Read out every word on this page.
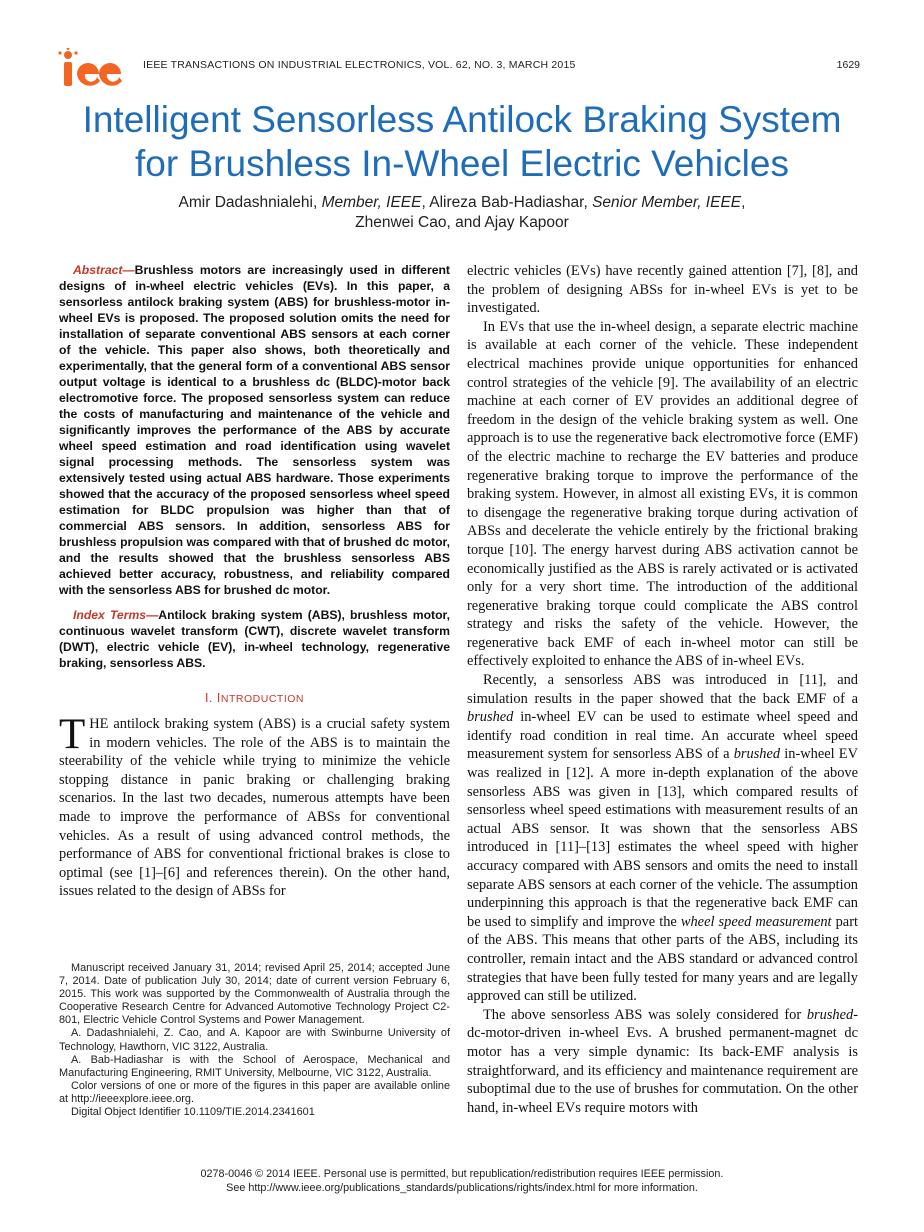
IEEE TRANSACTIONS ON INDUSTRIAL ELECTRONICS, VOL. 62, NO. 3, MARCH 2015	1629
Intelligent Sensorless Antilock Braking System
for Brushless In-Wheel Electric Vehicles
Amir Dadashnialehi, Member, IEEE, Alireza Bab-Hadiashar, Senior Member, IEEE,
Zhenwei Cao, and Ajay Kapoor

Abstract—Brushless motors are increasingly used in different designs of in-wheel electric vehicles (EVs). In this paper, a sensorless antilock braking system (ABS) for brushless-motor in-wheel EVs is proposed. The proposed solution omits the need for installation of separate conventional ABS sensors at each corner of the vehicle. This paper also shows, both theoretically and experimentally, that the general form of a conventional ABS sensor output voltage is identical to a brushless dc (BLDC)-motor back electromotive force. The proposed sensorless system can reduce the costs of manufacturing and maintenance of the vehicle and significantly improves the performance of the ABS by accurate wheel speed estimation and road identification using wavelet signal processing methods. The sensorless system was extensively tested using actual ABS hardware. Those experiments showed that the accuracy of the proposed sensorless wheel speed estimation for BLDC propulsion was higher than that of commercial ABS sensors. In addition, sensorless ABS for brushless propulsion was compared with that of brushed dc motor, and the results showed that the brushless sensorless ABS achieved better accuracy, robustness, and reliability compared with the sensorless ABS for brushed dc motor.

Index Terms—Antilock braking system (ABS), brushless motor, continuous wavelet transform (CWT), discrete wavelet transform (DWT), electric vehicle (EV), in-wheel technology, regenerative braking, sensorless ABS.

I. INTRODUCTION

THE antilock braking system (ABS) is a crucial safety system in modern vehicles. The role of the ABS is to maintain the steerability of the vehicle while trying to minimize the vehicle stopping distance in panic braking or challenging braking scenarios. In the last two decades, numerous attempts have been made to improve the performance of ABSs for conventional vehicles. As a result of using advanced control methods, the performance of ABS for conventional frictional brakes is close to optimal (see [1]–[6] and references therein). On the other hand, issues related to the design of ABSs for

Manuscript received January 31, 2014; revised April 25, 2014; accepted June 7, 2014. Date of publication July 30, 2014; date of current version February 6, 2015. This work was supported by the Commonwealth of Australia through the Cooperative Research Centre for Advanced Automotive Technology Project C2-801, Electric Vehicle Control Systems and Power Management.

A. Dadashnialehi, Z. Cao, and A. Kapoor are with Swinburne University of Technology, Hawthorn, VIC 3122, Australia.

A. Bab-Hadiashar is with the School of Aerospace, Mechanical and Manufacturing Engineering, RMIT University, Melbourne, VIC 3122, Australia.

Color versions of one or more of the figures in this paper are available online at http://ieeexplore.ieee.org.

Digital Object Identifier 10.1109/TIE.2014.2341601

electric vehicles (EVs) have recently gained attention [7], [8], and the problem of designing ABSs for in-wheel EVs is yet to be investigated.

In EVs that use the in-wheel design, a separate electric machine is available at each corner of the vehicle. These independent electrical machines provide unique opportunities for enhanced control strategies of the vehicle [9]. The availability of an electric machine at each corner of EV provides an additional degree of freedom in the design of the vehicle braking system as well. One approach is to use the regenerative back electromotive force (EMF) of the electric machine to recharge the EV batteries and produce regenerative braking torque to improve the performance of the braking system. However, in almost all existing EVs, it is common to disengage the regenerative braking torque during activation of ABSs and decelerate the vehicle entirely by the frictional braking torque [10]. The energy harvest during ABS activation cannot be economically justified as the ABS is rarely activated or is activated only for a very short time. The introduction of the additional regenerative braking torque could complicate the ABS control strategy and risks the safety of the vehicle. However, the regenerative back EMF of each in-wheel motor can still be effectively exploited to enhance the ABS of in-wheel EVs.

Recently, a sensorless ABS was introduced in [11], and simulation results in the paper showed that the back EMF of a brushed in-wheel EV can be used to estimate wheel speed and identify road condition in real time. An accurate wheel speed measurement system for sensorless ABS of a brushed in-wheel EV was realized in [12]. A more in-depth explanation of the above sensorless ABS was given in [13], which compared results of sensorless wheel speed estimations with measurement results of an actual ABS sensor. It was shown that the sensorless ABS introduced in [11]–[13] estimates the wheel speed with higher accuracy compared with ABS sensors and omits the need to install separate ABS sensors at each corner of the vehicle. The assumption underpinning this approach is that the regenerative back EMF can be used to simplify and improve the wheel speed measurement part of the ABS. This means that other parts of the ABS, including its controller, remain intact and the ABS standard or advanced control strategies that have been fully tested for many years and are legally approved can still be utilized.

The above sensorless ABS was solely considered for brushed-dc-motor-driven in-wheel Evs. A brushed permanent-magnet dc motor has a very simple dynamic: Its back-EMF analysis is straightforward, and its efficiency and maintenance requirement are suboptimal due to the use of brushes for commutation. On the other hand, in-wheel EVs require motors with

0278-0046 © 2014 IEEE. Personal use is permitted, but republication/redistribution requires IEEE permission.
See http://www.ieee.org/publications_standards/publications/rights/index.html for more information.
